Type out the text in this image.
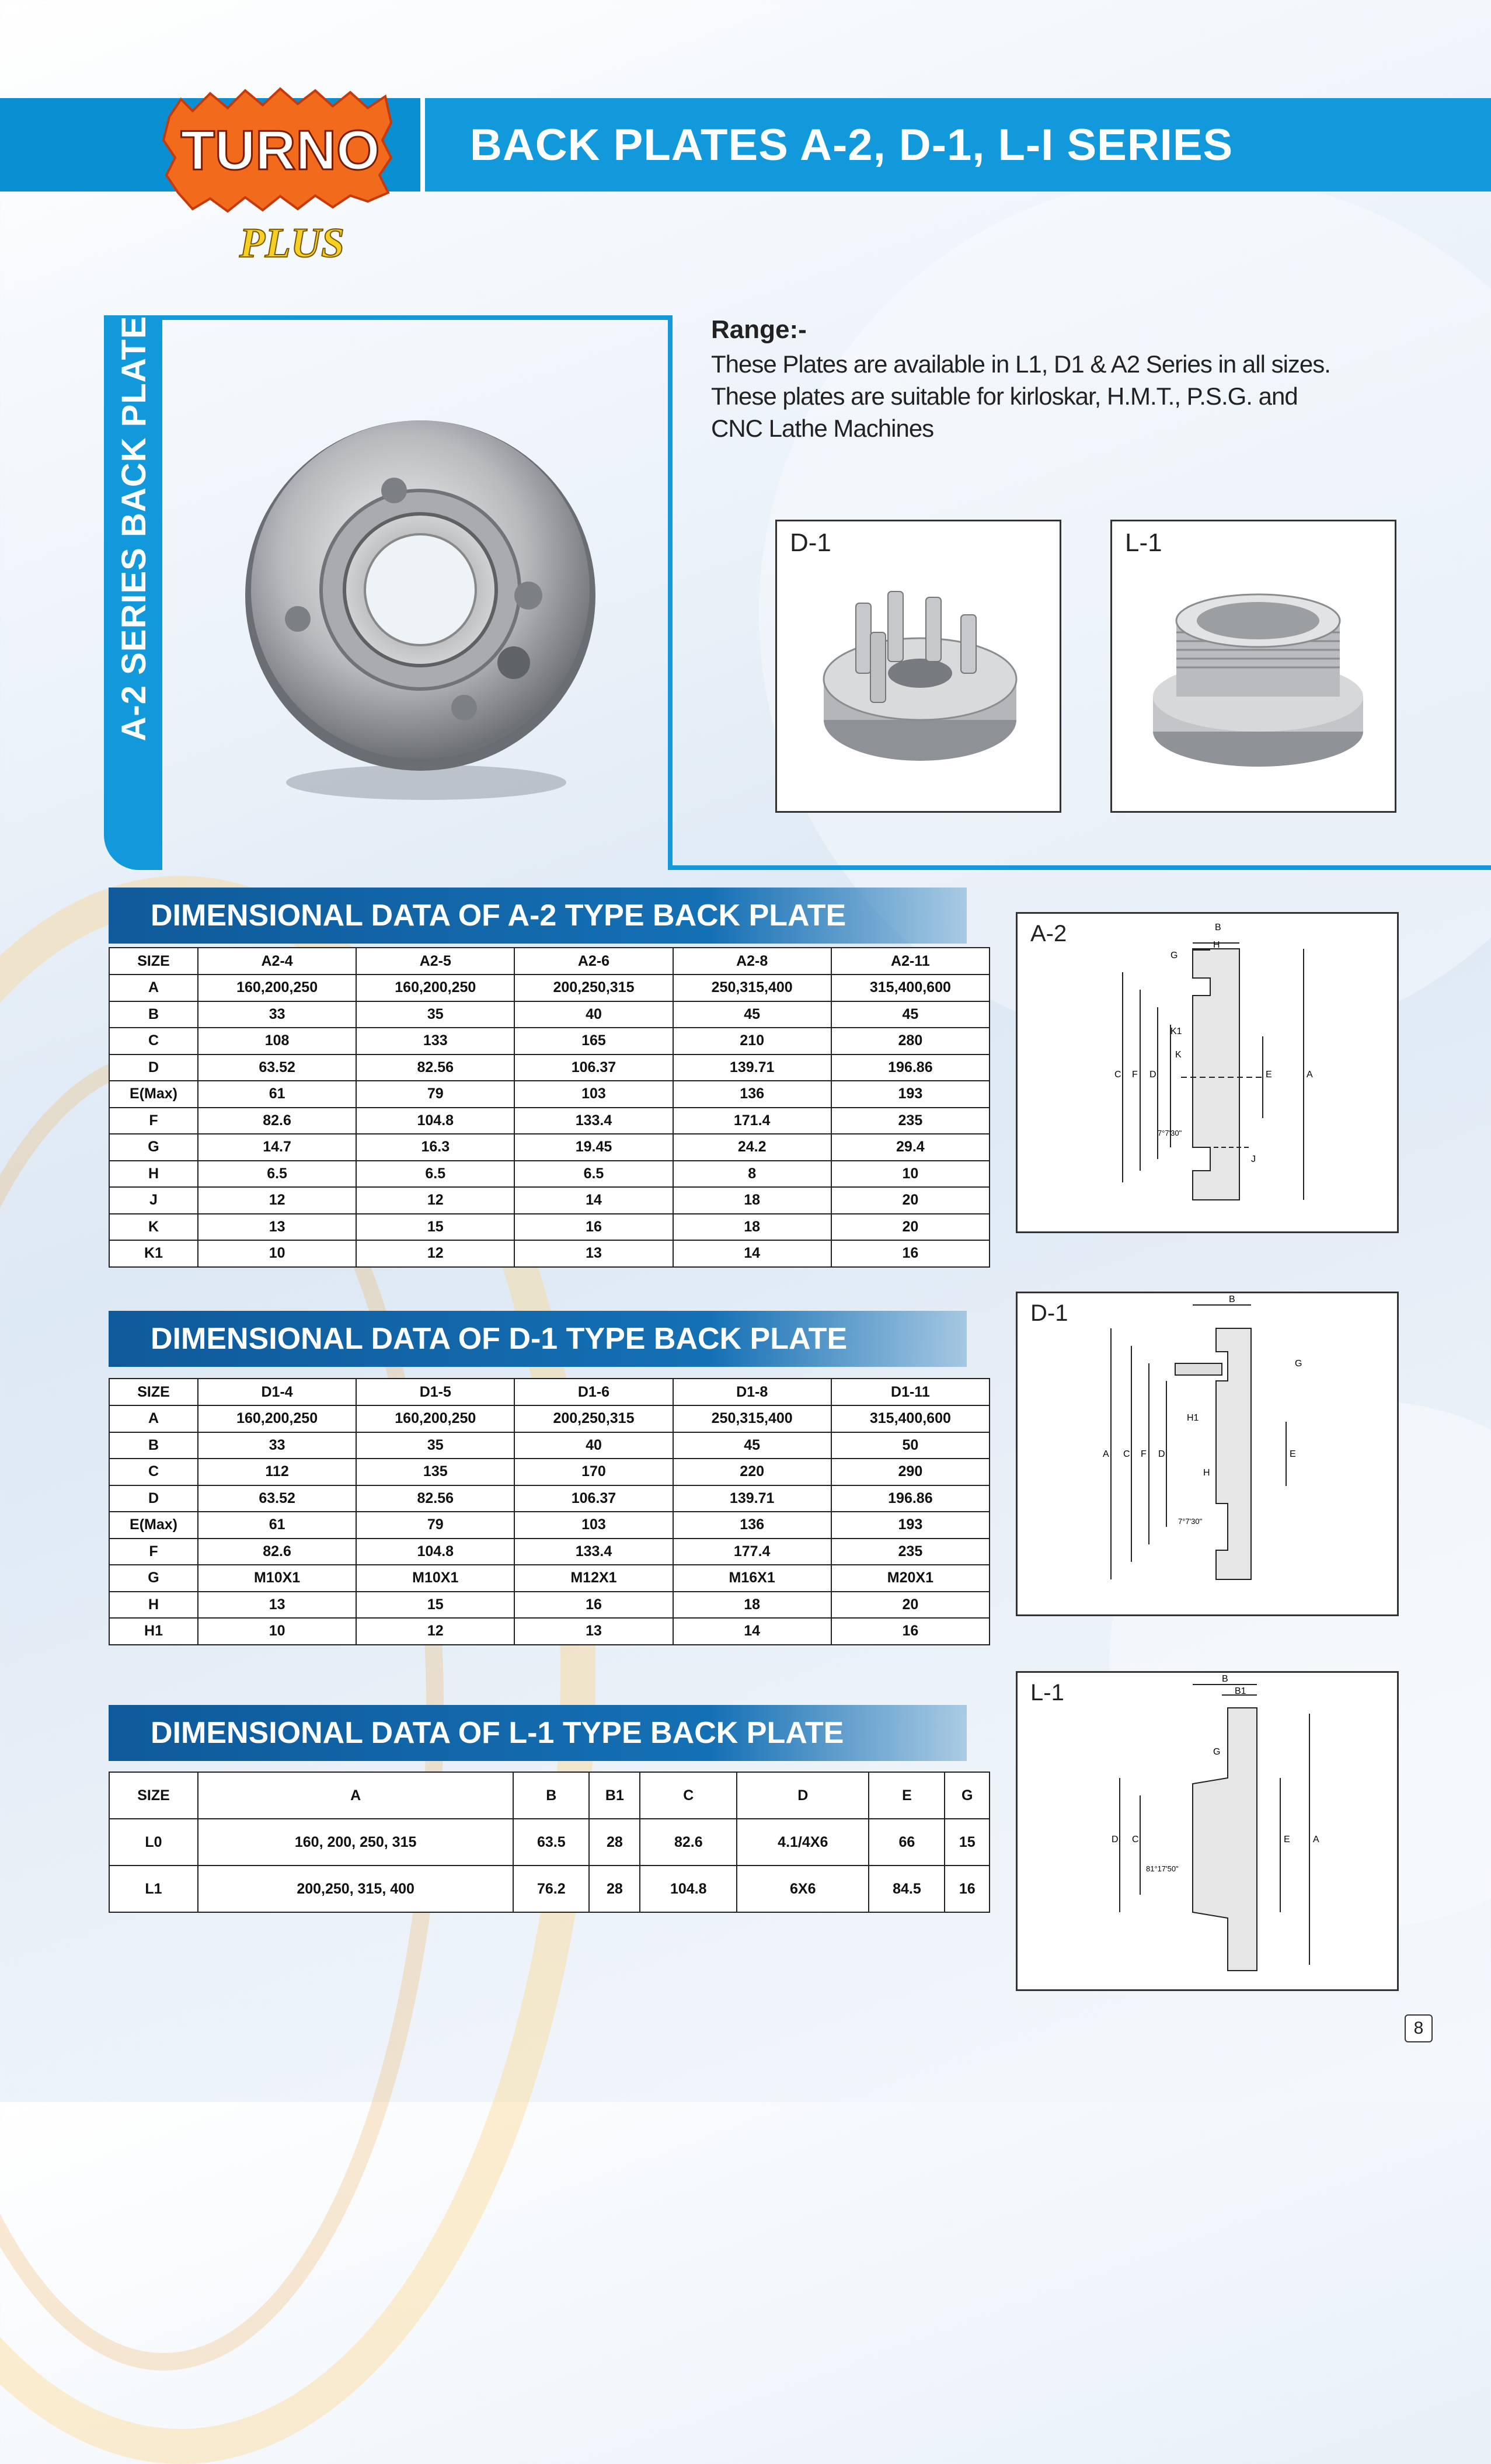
BACK PLATES A-2, D-1, L-I SERIES
TURNO
PLUS
A-2 SERIES BACK PLATE	Range:-
These Plates are available in L1, D1 & A2 Series in all sizes.
These plates are suitable for kirloskar, H.M.T., P.S.G. and
CNC Lathe Machines
D-1	L-1
DIMENSIONAL DATA OF A-2 TYPE BACK PLATE
SIZE	A2-4	A2-5	A2-6	A2-8	A2-11
A	160,200,250	160,200,250	200,250,315	250,315,400	315,400,600
B	33	35	40	45	45
C	108	133	165	210	280
D	63.52	82.56	106.37	139.71	196.86
E(Max)	61	79	103	136	193
F	82.6	104.8	133.4	171.4	235
G	14.7	16.3	19.45	24.2	29.4
H	6.5	6.5	6.5	8	10
J	12	12	14	18	20
K	13	15	16	18	20
K1	10	12	13	14	16
DIMENSIONAL DATA OF D-1 TYPE BACK PLATE
SIZE	D1-4	D1-5	D1-6	D1-8	D1-11
A	160,200,250	160,200,250	200,250,315	250,315,400	315,400,600
B	33	35	40	45	50
C	112	135	170	220	290
D	63.52	82.56	106.37	139.71	196.86
E(Max)	61	79	103	136	193
F	82.6	104.8	133.4	177.4	235
G	M10X1	M10X1	M12X1	M16X1	M20X1
H	13	15	16	18	20
H1	10	12	13	14	16
DIMENSIONAL DATA OF L-1 TYPE BACK PLATE
SIZE	A	B	B1	C	D	E	G
L0	160, 200, 250, 315	63.5	28	82.6	4.1/4X6	66	15
L1	200,250, 315, 400	76.2	28	104.8	6X6	84.5	16
A-2	B
H
G
K1
K
C F D	E	A
J
7°7'30"
D-1
B
G
H1
H
A C F D	E
7°7'30"
L-1
B
B1
G
D C	E A
81°17'50"
8
